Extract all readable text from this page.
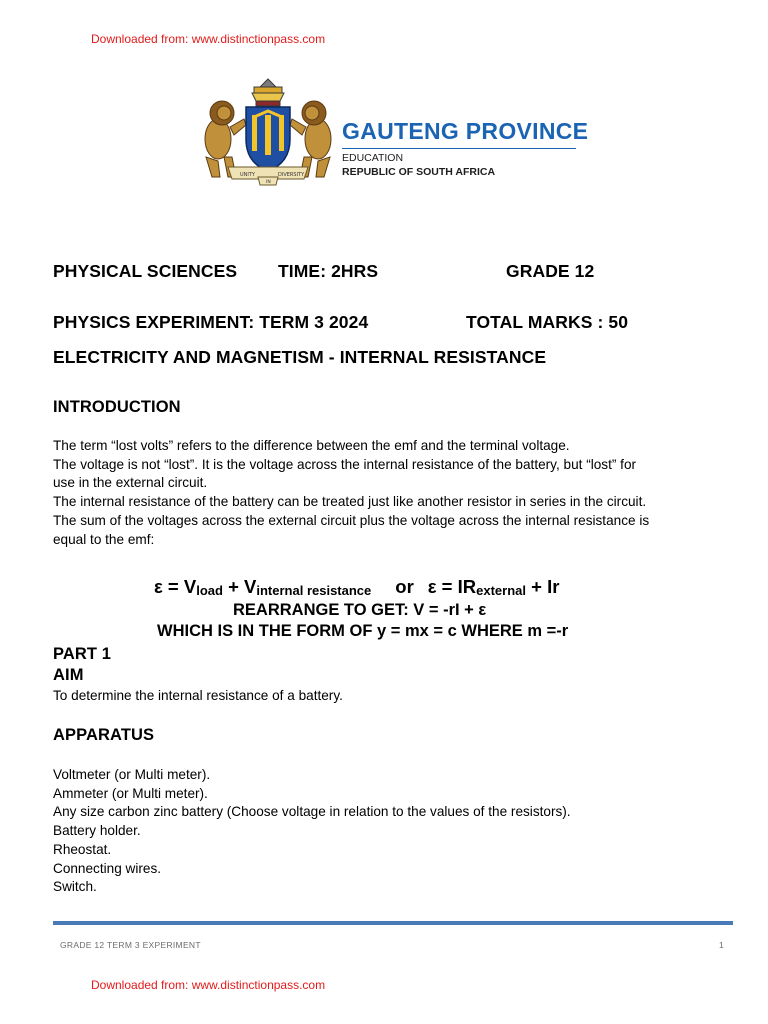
Downloaded from: www.distinctionpass.com
UNITY	DIVERSITY
IN
GAUTENG PROVINCE
EDUCATION
REPUBLIC OF SOUTH AFRICA
PHYSICAL SCIENCES TIME: 2HRS	GRADE 12
PHYSICS EXPERIMENT: TERM 3 2024	TOTAL MARKS : 50
ELECTRICITY AND MAGNETISM - INTERNAL RESISTANCE
INTRODUCTION
The term “lost volts” refers to the difference between the emf and the terminal voltage.
The voltage is not “lost”. It is the voltage across the internal resistance of the battery, but “lost” for
use in the external circuit.
The internal resistance of the battery can be treated just like another resistor in series in the circuit.
The sum of the voltages across the external circuit plus the voltage across the internal resistance is
equal to the emf:
$\varepsilon = V_{load} + V_{internal resistance}$ or $\varepsilon = IR_{external} + Ir$
REARRANGE TO GET: V = -rI + ε
WHICH IS IN THE FORM OF y = mx = c WHERE m =-r
PART 1
AIM
To determine the internal resistance of a battery.
APPARATUS
Voltmeter (or Multi meter).
Ammeter (or Multi meter).
Any size carbon zinc battery (Choose voltage in relation to the values of the resistors).
Battery holder.
Rheostat.
Connecting wires.
Switch.
GRADE 12 TERM 3 EXPERIMENT	1
Downloaded from: www.distinctionpass.com
